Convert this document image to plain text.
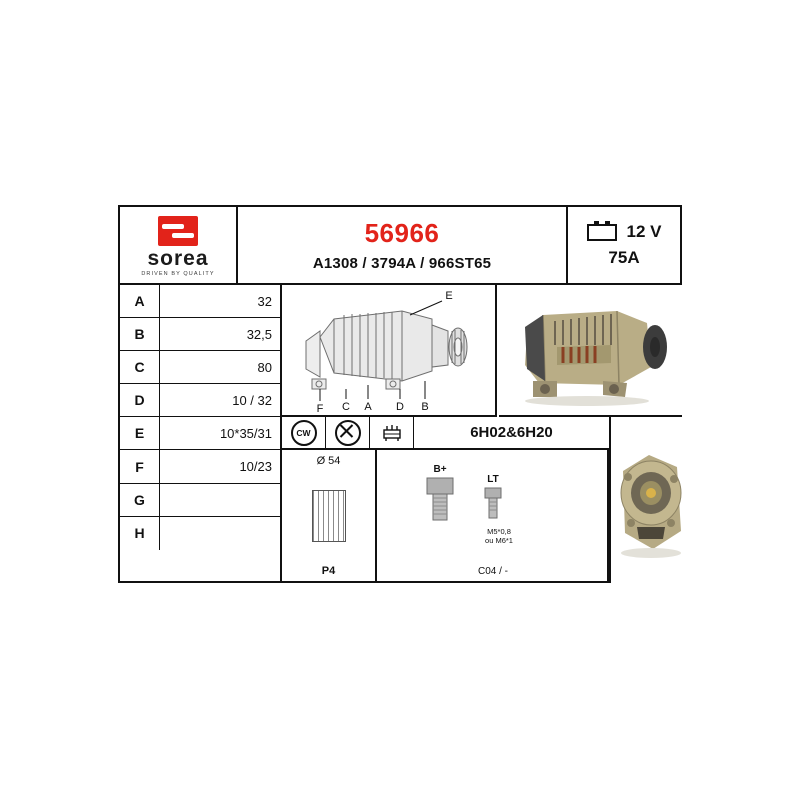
sorea
DRIVEN BY QUALITY
56966
A1308 / 3794A / 966ST65
12 V
75A
A	32
B	32,5
C	80
D	10 / 32
E	10*35/31
F	10/23
G
H
E
F C A D B
CW	6H02&6H20
Ø 54
P4
B+
LT
M5*0,8
ou M6*1
C04 / -
